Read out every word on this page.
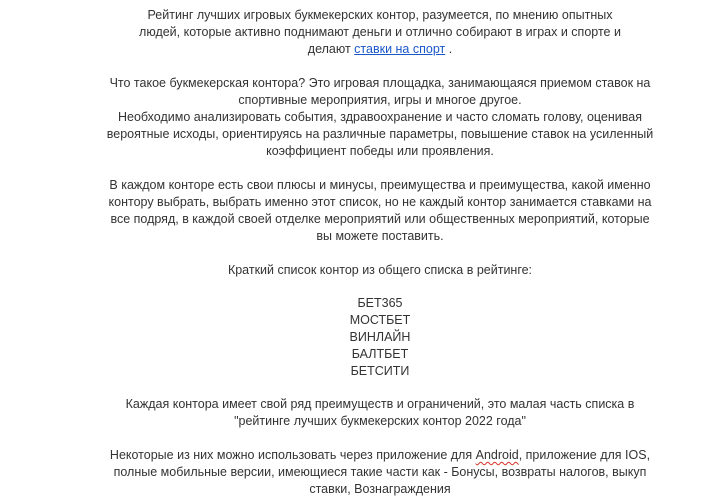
Рейтинг лучших игровых букмекерских контор, разумеется, по мнению опытных
людей, которые активно поднимают деньги и отлично собирают в играх и спорте и
делают ставки на спорт .

Что такое букмекерская контора? Это игровая площадка, занимающаяся приемом ставок на
спортивные мероприятия, игры и многое другое.
Необходимо анализировать события, здравоохранение и часто сломать голову, оценивая
вероятные исходы, ориентируясь на различные параметры, повышение ставок на усиленный
коэффициент победы или проявления.

В каждом конторе есть свои плюсы и минусы, преимущества и преимущества, какой именно
контору выбрать, выбрать именно этот список, но не каждый контор занимается ставками на
все подряд, в каждой своей отделке мероприятий или общественных мероприятий, которые
вы можете поставить.

Краткий список контор из общего списка в рейтинге:

БЕТ365
МОСТБЕТ
ВИНЛАЙН
БАЛТБЕТ
БЕТСИТИ

Каждая контора имеет свой ряд преимуществ и ограничений, это малая часть списка в
"рейтинге лучших букмекерских контор 2022 года"

Некоторые из них можно использовать через приложение для Android, приложение для IOS,
полные мобильные версии, имеющиеся такие части как - Бонусы, возвраты налогов, выкуп
ставки, Вознаграждения
